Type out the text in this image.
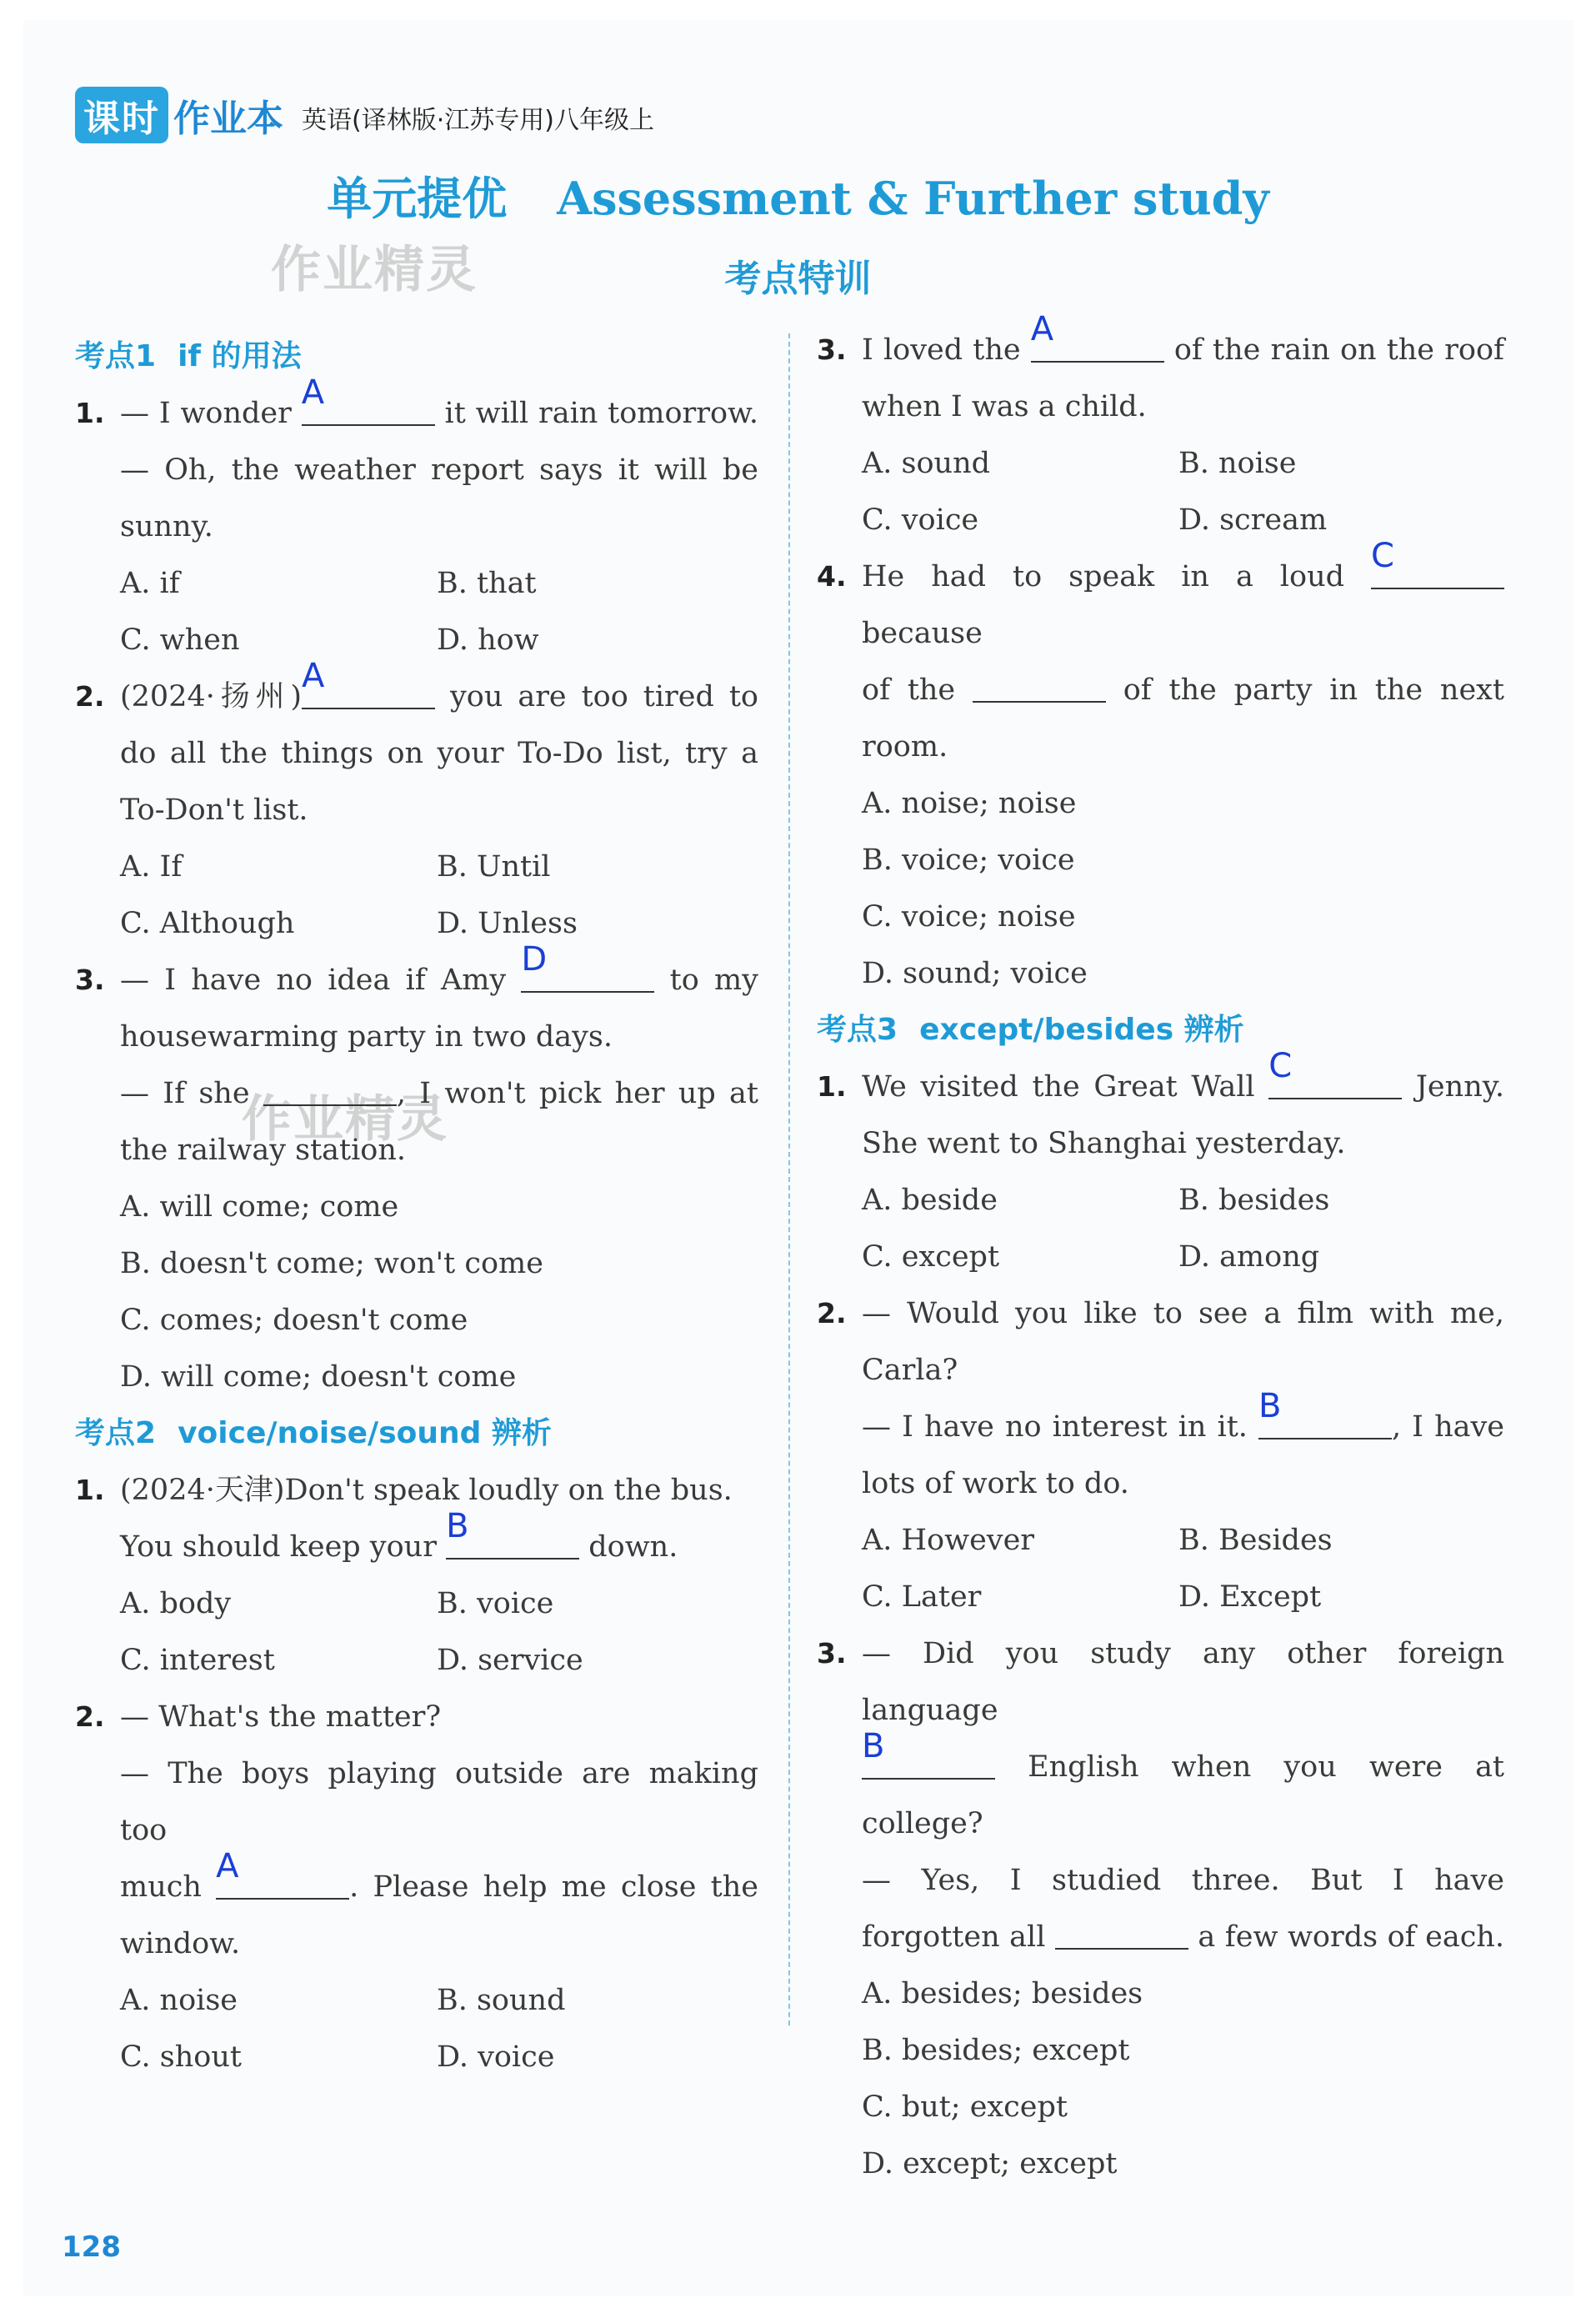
课时 作业本 英语(译林版·江苏专用)八年级上
单元提优 Assessment & Further study
考点特训
作业精灵
作业精灵
考点1 if 的用法
1. — I wonder
A
it will rain tomorrow.
— Oh, the weather report says it will be
sunny.
A. if	B. that
C. when	D. how
2. (2024·扬州)
A
you are too tired to
do all the things on your To-Do list, try a
To-Don't list.
A. If	B. Until
C. Although	D. Unless
3. — I have no idea if Amy
D
to my
housewarming party in two days.
— If she	, I won't pick her up at
the railway station.
A. will come; come
B. doesn't come; won't come
C. comes; doesn't come
D. will come; doesn't come
考点2 voice/noise/sound 辨析
1. (2024·天津)Don't speak loudly on the bus.
You should keep your
B
down.
A. body	B. voice
C. interest	D. service
2. — What's the matter?
— The boys playing outside are making too
much
A
. Please help me close the
window.
A. noise	B. sound
C. shout	D. voice
3. I loved the
A
of the rain on the roof
when I was a child.
A. sound	B. noise
C. voice	D. scream
4. He had to speak in a loud
C
because
of the	of the party in the next
room.
A. noise; noise
B. voice; voice
C. voice; noise
D. sound; voice
考点3 except/besides 辨析
1. We visited the Great Wall
C
Jenny.
She went to Shanghai yesterday.
A. beside	B. besides
C. except	D. among
2. — Would you like to see a film with me,
Carla?
— I have no interest in it.
B
, I have
lots of work to do.
A. However	B. Besides
C. Later	D. Except
3. — Did you study any other foreign language
B
English when you were at college?
— Yes, I studied three. But I have
forgotten all	a few words of each.
A. besides; besides
B. besides; except
C. but; except
D. except; except
128
